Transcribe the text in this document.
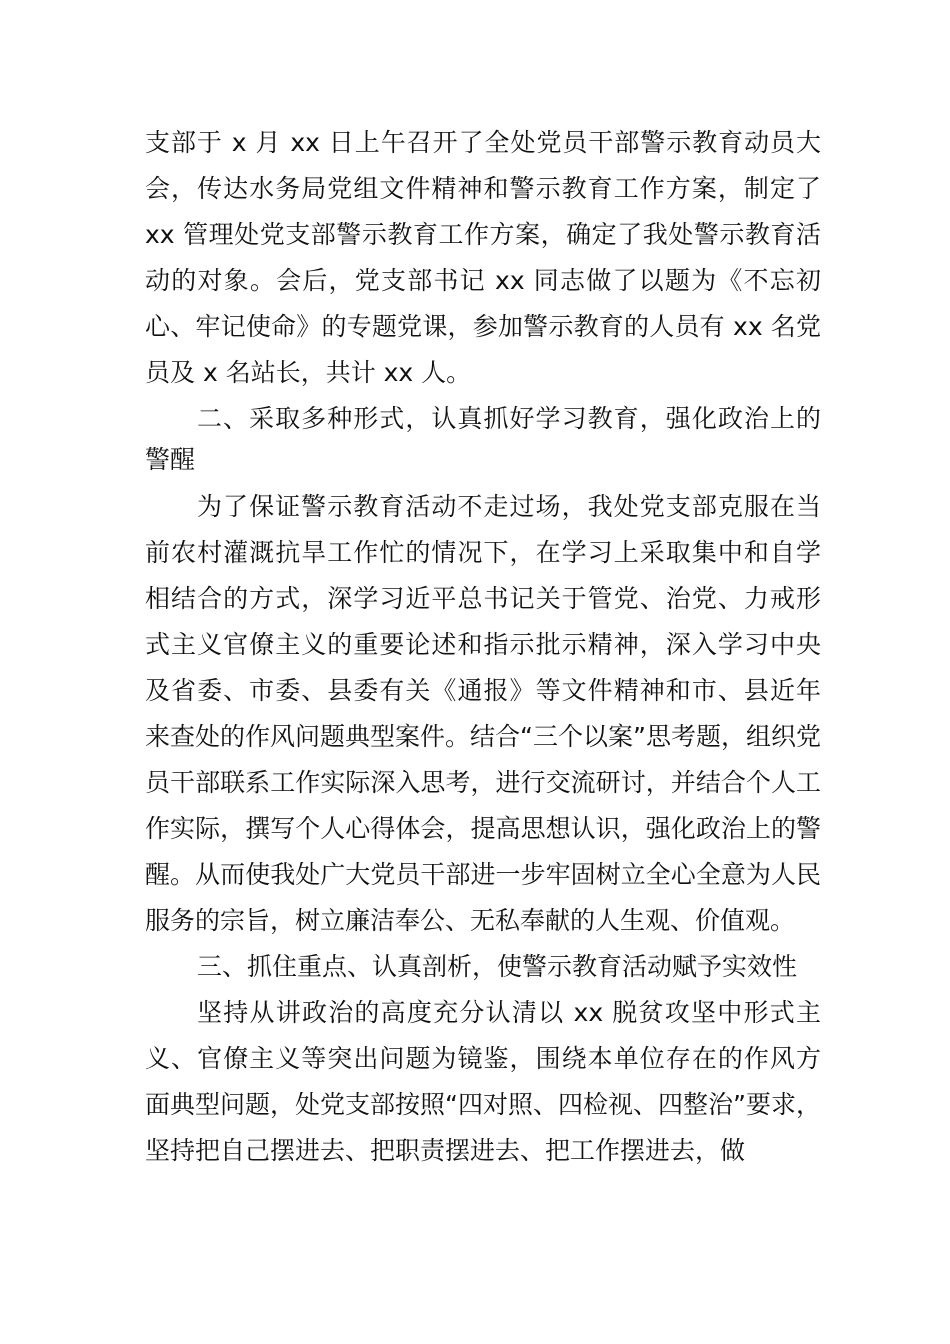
支部于 x 月 xx 日上午召开了全处党员干部警示教育动员大
会，传达水务局党组文件精神和警示教育工作方案，制定了
xx 管理处党支部警示教育工作方案，确定了我处警示教育活
动的对象。会后，党支部书记 xx 同志做了以题为《不忘初
心、牢记使命》的专题党课，参加警示教育的人员有 xx 名党
员及 x 名站长，共计 xx 人。
二、采取多种形式，认真抓好学习教育，强化政治上的
警醒
为了保证警示教育活动不走过场，我处党支部克服在当
前农村灌溉抗旱工作忙的情况下，在学习上采取集中和自学
相结合的方式，深学习近平总书记关于管党、治党、力戒形
式主义官僚主义的重要论述和指示批示精神，深入学习中央
及省委、市委、县委有关《通报》等文件精神和市、县近年
来查处的作风问题典型案件。结合“三个以案”思考题，组织党
员干部联系工作实际深入思考，进行交流研讨，并结合个人工
作实际，撰写个人心得体会，提高思想认识，强化政治上的警
醒。从而使我处广大党员干部进一步牢固树立全心全意为人民
服务的宗旨，树立廉洁奉公、无私奉献的人生观、价值观。
三、抓住重点、认真剖析，使警示教育活动赋予实效性
坚持从讲政治的高度充分认清以 xx 脱贫攻坚中形式主
义、官僚主义等突出问题为镜鉴，围绕本单位存在的作风方
面典型问题，处党支部按照“四对照、四检视、四整治”要求，
坚持把自己摆进去、把职责摆进去、把工作摆进去，做
